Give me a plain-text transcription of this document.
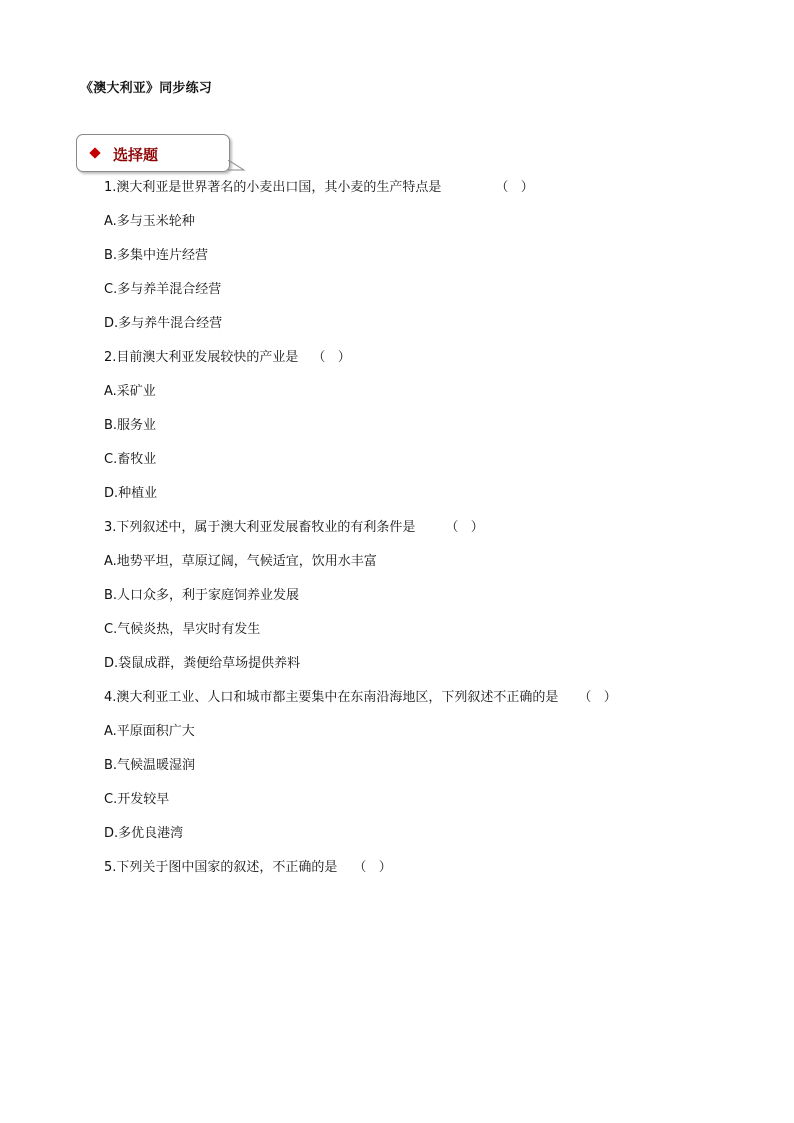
《澳大利亚》同步练习
选择题
1.澳大利亚是世界著名的小麦出口国，其小麦的生产特点是	（   ）
A.多与玉米轮种
B.多集中连片经营
C.多与养羊混合经营
D.多与养牛混合经营
2.目前澳大利亚发展较快的产业是 （   ）
A.采矿业
B.服务业
C.畜牧业
D.种植业
3.下列叙述中，属于澳大利亚发展畜牧业的有利条件是 （   ）
A.地势平坦，草原辽阔，气候适宜，饮用水丰富
B.人口众多，利于家庭饲养业发展
C.气候炎热，旱灾时有发生
D.袋鼠成群，粪便给草场提供养料
4.澳大利亚工业、人口和城市都主要集中在东南沿海地区，下列叙述不正确的是 （   ）
A.平原面积广大
B.气候温暖湿润
C.开发较早
D.多优良港湾
5.下列关于图中国家的叙述，不正确的是 （   ）
